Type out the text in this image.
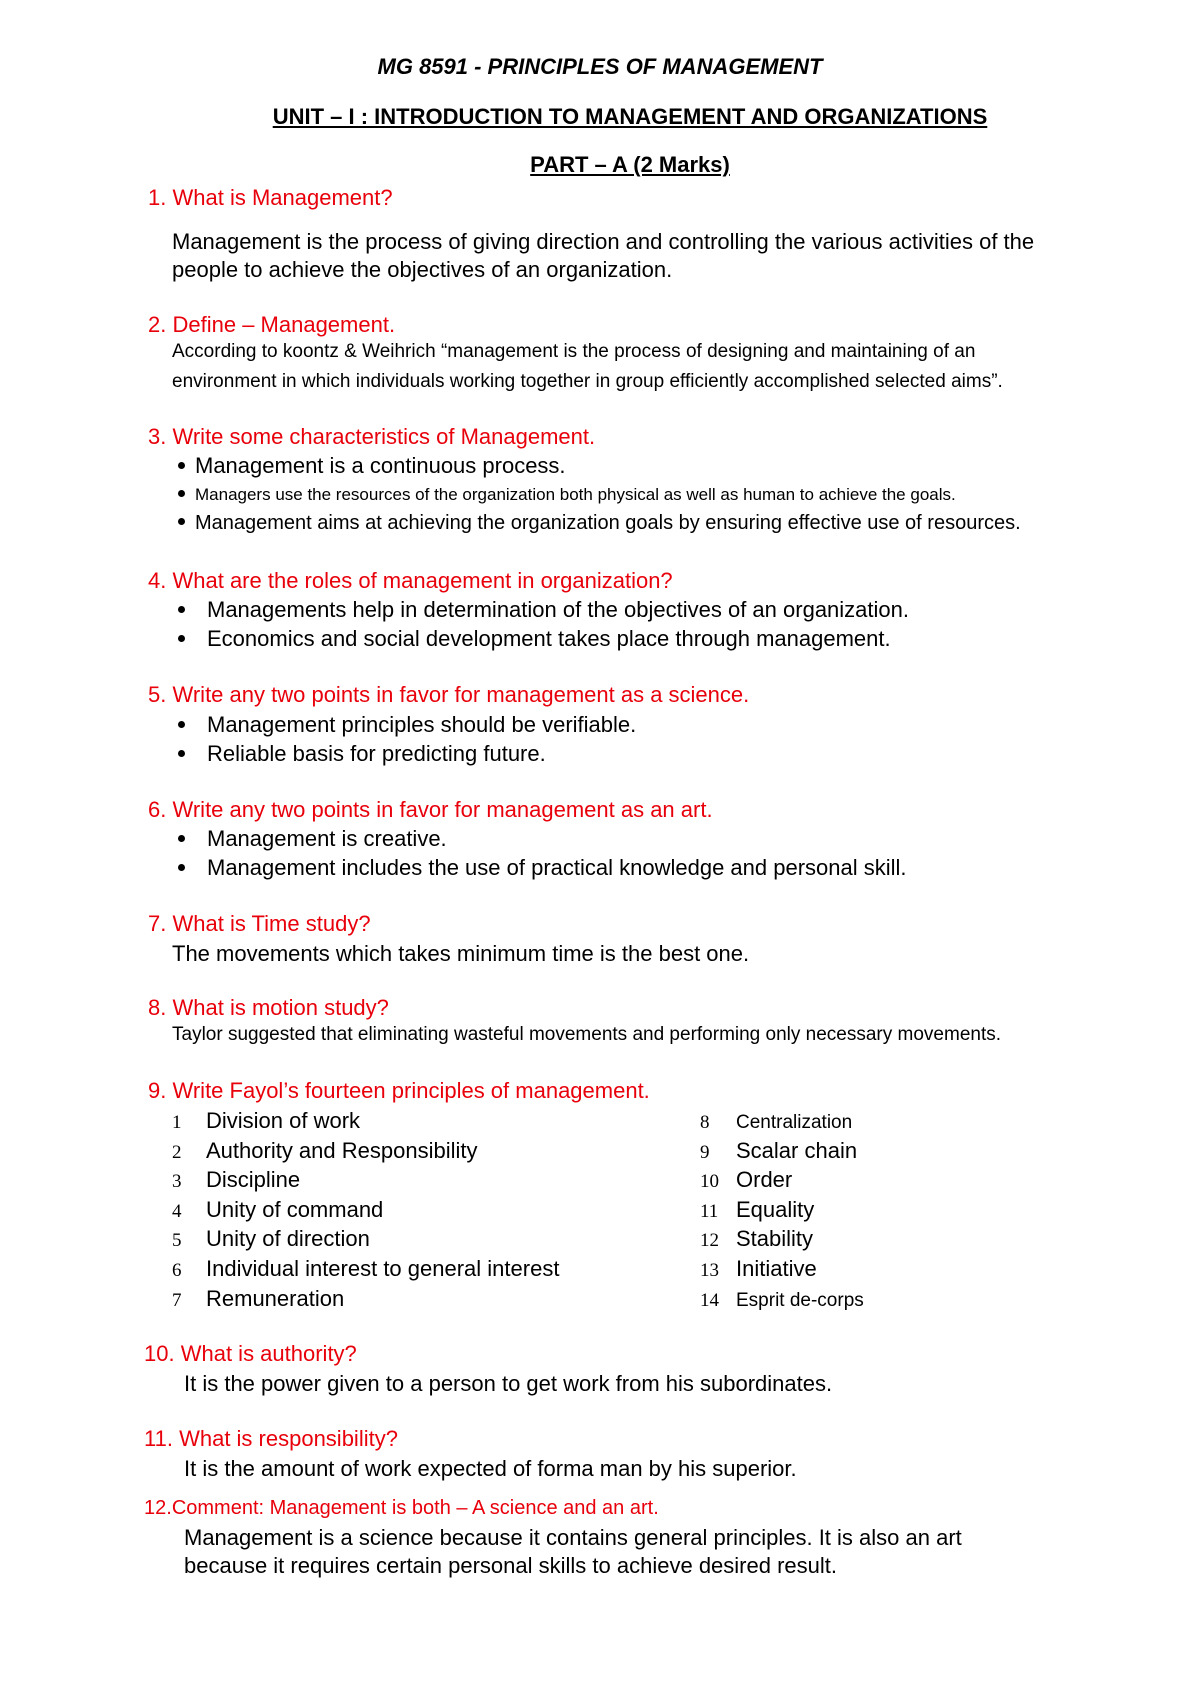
MG 8591 - PRINCIPLES OF MANAGEMENT
UNIT – I : INTRODUCTION TO MANAGEMENT AND ORGANIZATIONS
PART – A (2 Marks)
1. What is Management?
Management is the process of giving direction and controlling the various activities of the
people to achieve the objectives of an organization.
2. Define – Management.
According to koontz & Weihrich “management is the process of designing and maintaining of an
environment in which individuals working together in group efficiently accomplished selected aims”.
3. Write some characteristics of Management.
Management is a continuous process.
Managers use the resources of the organization both physical as well as human to achieve the goals.
Management aims at achieving the organization goals by ensuring effective use of resources.
4. What are the roles of management in organization?
Managements help in determination of the objectives of an organization.
Economics and social development takes place through management.
5. Write any two points in favor for management as a science.
Management principles should be verifiable.
Reliable basis for predicting future.
6. Write any two points in favor for management as an art.
Management is creative.
Management includes the use of practical knowledge and personal skill.
7. What is Time study?
The movements which takes minimum time is the best one.
8. What is motion study?
Taylor suggested that eliminating wasteful movements and performing only necessary movements.
9. Write Fayol’s fourteen principles of management.
1 Division of work
2 Authority and Responsibility
3 Discipline
4 Unity of command
5 Unity of direction
6 Individual interest to general interest
7 Remuneration
8 Centralization
9 Scalar chain
10 Order
11 Equality
12 Stability
13 Initiative
14 Esprit de-corps
10. What is authority?
It is the power given to a person to get work from his subordinates.
11. What is responsibility?
It is the amount of work expected of forma man by his superior.
12.Comment: Management is both – A science and an art.
Management is a science because it contains general principles. It is also an art
because it requires certain personal skills to achieve desired result.
